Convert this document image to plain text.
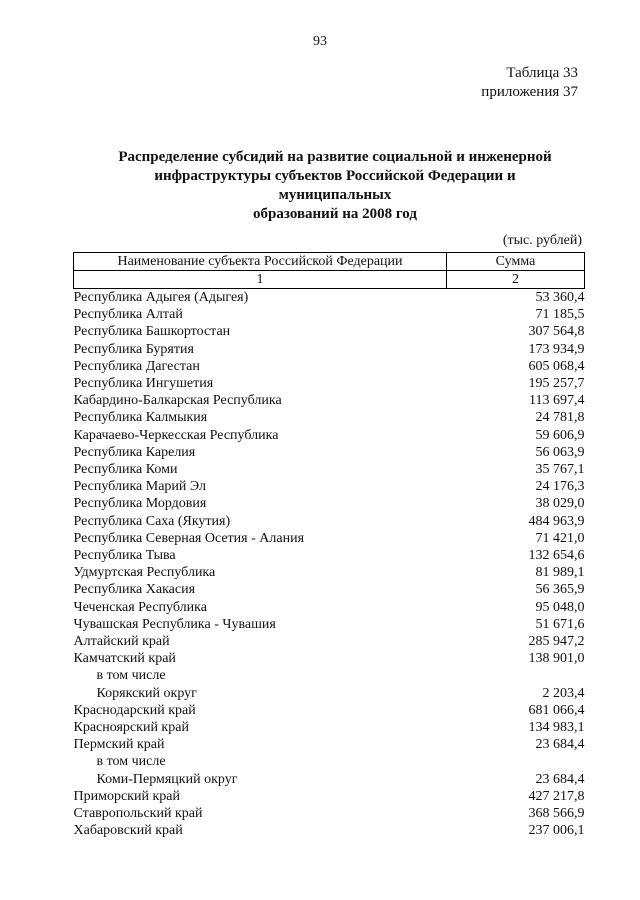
93
Таблица 33
приложения 37
Распределение субсидий на развитие социальной и инженерной
инфраструктуры субъектов Российской Федерации и муниципальных
образований на 2008 год
(тыс. рублей)
Наименование субъекта Российской Федерации	Сумма
1	2
Республика Адыгея (Адыгея)	53 360,4
Республика Алтай	71 185,5
Республика Башкортостан	307 564,8
Республика Бурятия	173 934,9
Республика Дагестан	605 068,4
Республика Ингушетия	195 257,7
Кабардино-Балкарская Республика	113 697,4
Республика Калмыкия	24 781,8
Карачаево-Черкесская Республика	59 606,9
Республика Карелия	56 063,9
Республика Коми	35 767,1
Республика Марий Эл	24 176,3
Республика Мордовия	38 029,0
Республика Саха (Якутия)	484 963,9
Республика Северная Осетия - Алания	71 421,0
Республика Тыва	132 654,6
Удмуртская Республика	81 989,1
Республика Хакасия	56 365,9
Чеченская Республика	95 048,0
Чувашская Республика - Чувашия	51 671,6
Алтайский край	285 947,2
Камчатский край	138 901,0
в том числе	
Корякский округ	2 203,4
Краснодарский край	681 066,4
Красноярский край	134 983,1
Пермский край	23 684,4
в том числе	
Коми-Пермяцкий округ	23 684,4
Приморский край	427 217,8
Ставропольский край	368 566,9
Хабаровский край	237 006,1
